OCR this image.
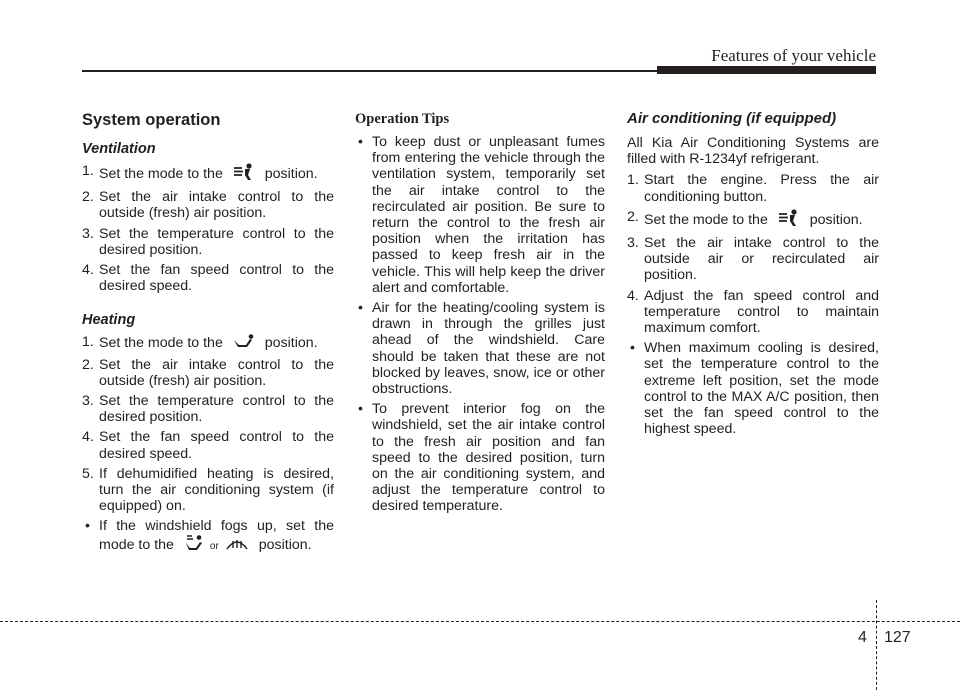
Features of your vehicle
System operation
Ventilation
1. Set the mode to the	position.
2. Set the air intake control to the outside (fresh) air position.
3. Set the temperature control to the desired position.
4. Set the fan speed control to the desired speed.
Heating
1. Set the mode to the	position.
2. Set the air intake control to the outside (fresh) air position.
3. Set the temperature control to the desired position.
4. Set the fan speed control to the desired speed.
5. If dehumidified heating is desired, turn the air conditioning system (if equipped) on.
• If the windshield fogs up, set the mode to the	or	position.
Operation Tips
• To keep dust or unpleasant fumes from entering the vehicle through the ventilation system, temporarily set the air intake control to the recirculated air position. Be sure to return the control to the fresh air position when the irritation has passed to keep fresh air in the vehicle. This will help keep the driver alert and comfortable.
• Air for the heating/cooling system is drawn in through the grilles just ahead of the windshield. Care should be taken that these are not blocked by leaves, snow, ice or other obstructions.
• To prevent interior fog on the windshield, set the air intake control to the fresh air position and fan speed to the desired position, turn on the air conditioning system, and adjust the temperature control to desired temperature.
Air conditioning (if equipped)
All Kia Air Conditioning Systems are filled with R-1234yf refrigerant.
1. Start the engine. Press the air conditioning button.
2. Set the mode to the	position.
3. Set the air intake control to the outside air or recirculated air position.
4. Adjust the fan speed control and temperature control to maintain maximum comfort.
• When maximum cooling is desired, set the temperature control to the extreme left position, set the mode control to the MAX A/C position, then set the fan speed control to the highest speed.
4 127
